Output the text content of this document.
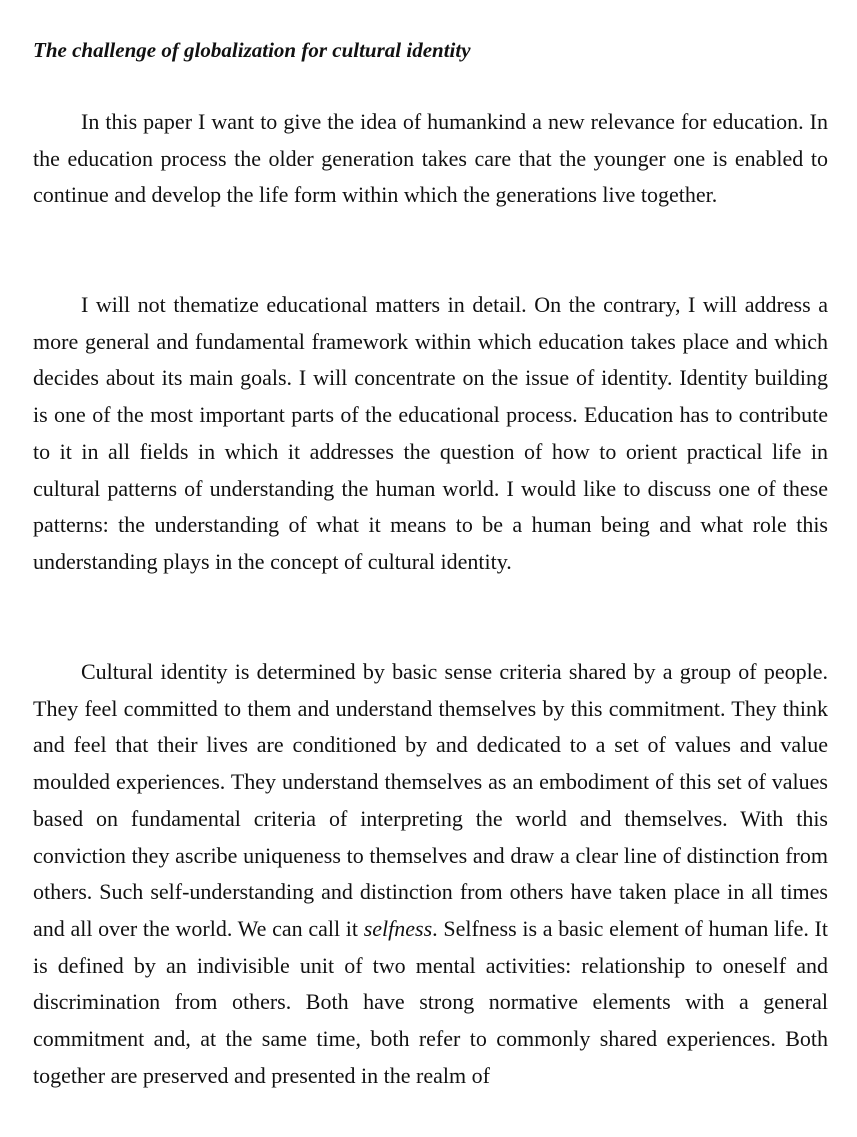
The challenge of globalization for cultural identity

In this paper I want to give the idea of humankind a new relevance for education. In the education process the older generation takes care that the younger one is enabled to continue and develop the life form within which the generations live together.

I will not thematize educational matters in detail. On the contrary, I will address a more general and fundamental framework within which education takes place and which decides about its main goals. I will concentrate on the issue of identity. Identity building is one of the most important parts of the educational process. Education has to contribute to it in all fields in which it addresses the question of how to orient practical life in cultural patterns of understanding the human world. I would like to discuss one of these patterns: the understanding of what it means to be a human being and what role this understanding plays in the concept of cultural identity.

Cultural identity is determined by basic sense criteria shared by a group of people. They feel committed to them and understand themselves by this commitment. They think and feel that their lives are conditioned by and dedicated to a set of values and value moulded experiences. They understand themselves as an embodiment of this set of values based on fundamental criteria of interpreting the world and themselves. With this conviction they ascribe uniqueness to themselves and draw a clear line of distinction from others. Such self-understanding and distinction from others have taken place in all times and all over the world. We can call it selfness. Selfness is a basic element of human life. It is defined by an indivisible unit of two mental activities: relationship to oneself and discrimination from others. Both have strong normative elements with a general commitment and, at the same time, both refer to commonly shared experiences. Both together are preserved and presented in the realm of
